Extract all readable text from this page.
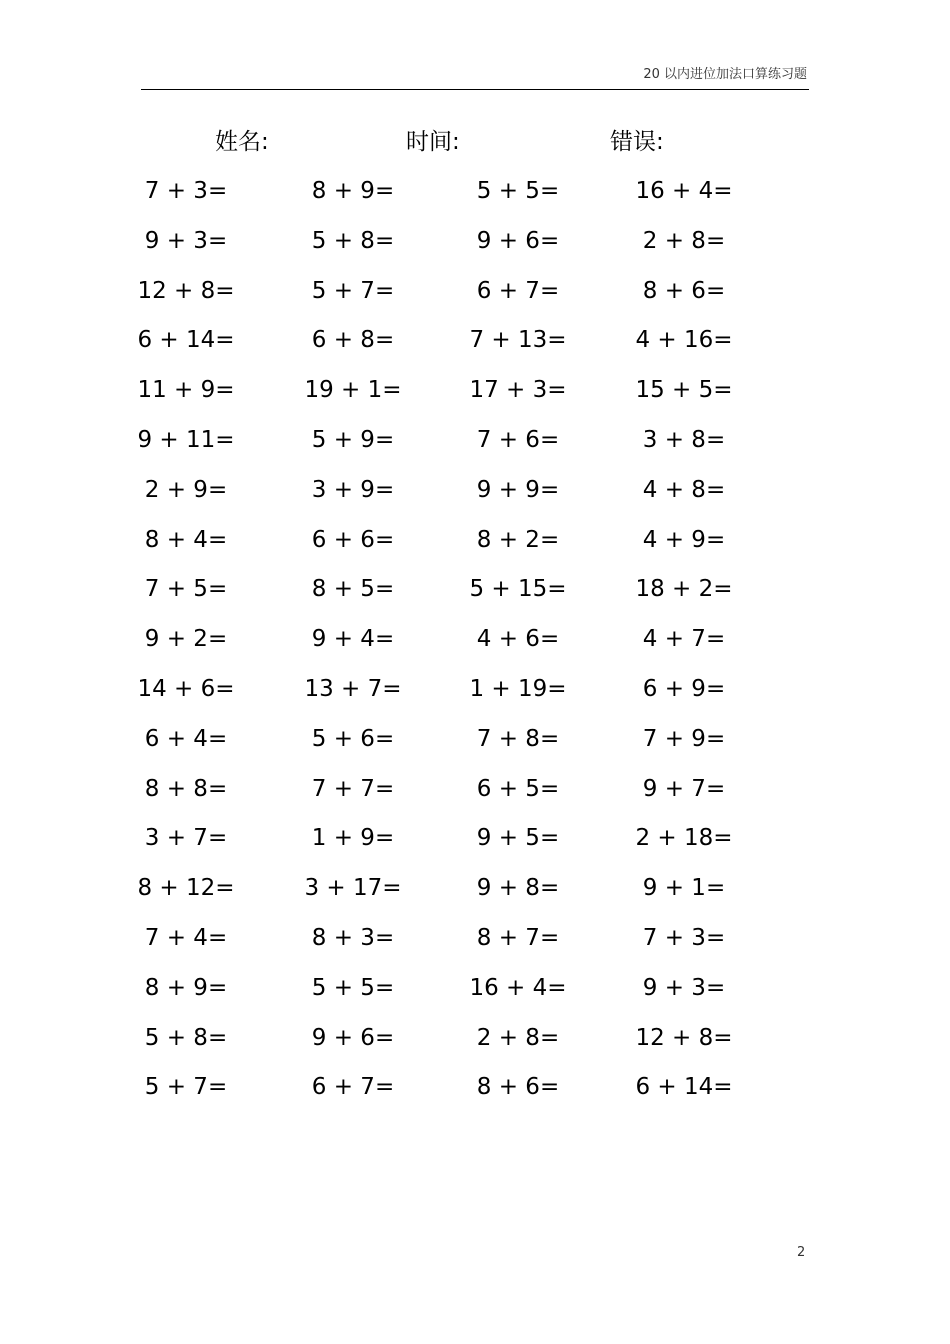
20 以内进位加法口算练习题
姓名:	时间:	错误:
7 + 3=	8 + 9=	5 + 5=	16 + 4=
9 + 3=	5 + 8=	9 + 6=	2 + 8=
12 + 8=	5 + 7=	6 + 7=	8 + 6=
6 + 14=	6 + 8=	7 + 13=	4 + 16=
11 + 9=	19 + 1=	17 + 3=	15 + 5=
9 + 11=	5 + 9=	7 + 6=	3 + 8=
2 + 9=	3 + 9=	9 + 9=	4 + 8=
8 + 4=	6 + 6=	8 + 2=	4 + 9=
7 + 5=	8 + 5=	5 + 15=	18 + 2=
9 + 2=	9 + 4=	4 + 6=	4 + 7=
14 + 6=	13 + 7=	1 + 19=	6 + 9=
6 + 4=	5 + 6=	7 + 8=	7 + 9=
8 + 8=	7 + 7=	6 + 5=	9 + 7=
3 + 7=	1 + 9=	9 + 5=	2 + 18=
8 + 12=	3 + 17=	9 + 8=	9 + 1=
7 + 4=	8 + 3=	8 + 7=	7 + 3=
8 + 9=	5 + 5=	16 + 4=	9 + 3=
5 + 8=	9 + 6=	2 + 8=	12 + 8=
5 + 7=	6 + 7=	8 + 6=	6 + 14=
2
